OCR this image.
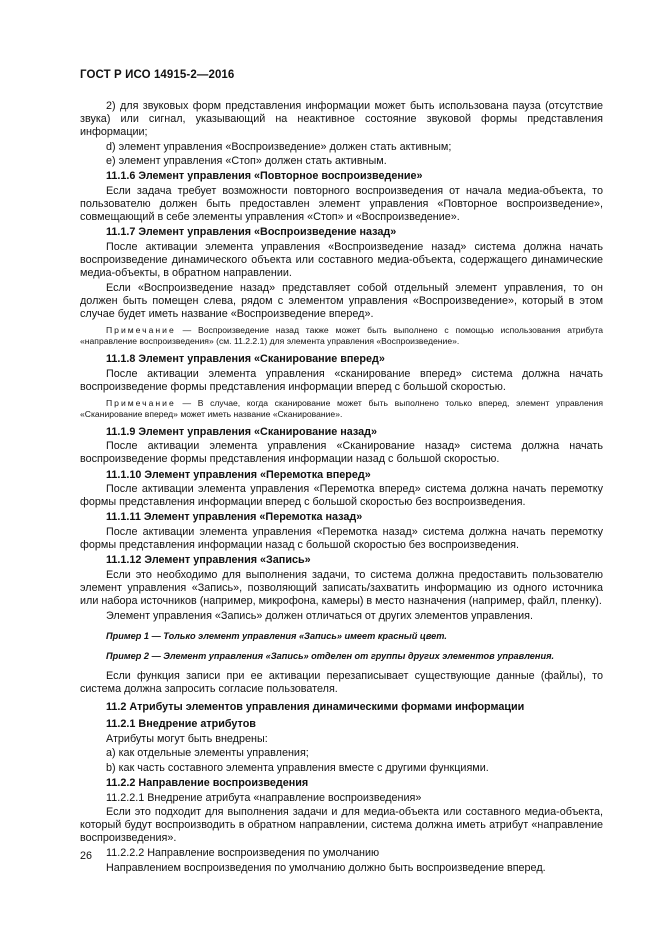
ГОСТ Р ИСО 14915-2—2016
2) для звуковых форм представления информации может быть использована пауза (отсутствие звука) или сигнал, указывающий на неактивное состояние звуковой формы представления информации;
d) элемент управления «Воспроизведение» должен стать активным;
e) элемент управления «Стоп» должен стать активным.
11.1.6 Элемент управления «Повторное воспроизведение»
Если задача требует возможности повторного воспроизведения от начала медиа-объекта, то пользователю должен быть предоставлен элемент управления «Повторное воспроизведение», совмещающий в себе элементы управления «Стоп» и «Воспроизведение».
11.1.7 Элемент управления «Воспроизведение назад»
После активации элемента управления «Воспроизведение назад» система должна начать воспроизведение динамического объекта или составного медиа-объекта, содержащего динамические медиа-объекты, в обратном направлении.
Если «Воспроизведение назад» представляет собой отдельный элемент управления, то он должен быть помещен слева, рядом с элементом управления «Воспроизведение», который в этом случае будет иметь название «Воспроизведение вперед».
Примечание — Воспроизведение назад также может быть выполнено с помощью использования атрибута «направление воспроизведения» (см. 11.2.2.1) для элемента управления «Воспроизведение».
11.1.8 Элемент управления «Сканирование вперед»
После активации элемента управления «сканирование вперед» система должна начать воспроизведение формы представления информации вперед с большой скоростью.
Примечание — В случае, когда сканирование может быть выполнено только вперед, элемент управления «Сканирование вперед» может иметь название «Сканирование».
11.1.9 Элемент управления «Сканирование назад»
После активации элемента управления «Сканирование назад» система должна начать воспроизведение формы представления информации назад с большой скоростью.
11.1.10 Элемент управления «Перемотка вперед»
После активации элемента управления «Перемотка вперед» система должна начать перемотку формы представления информации вперед с большой скоростью без воспроизведения.
11.1.11 Элемент управления «Перемотка назад»
После активации элемента управления «Перемотка назад» система должна начать перемотку формы представления информации назад с большой скоростью без воспроизведения.
11.1.12 Элемент управления «Запись»
Если это необходимо для выполнения задачи, то система должна предоставить пользователю элемент управления «Запись», позволяющий записать/захватить информацию из одного источника или набора источников (например, микрофона, камеры) в место назначения (например, файл, пленку).
Элемент управления «Запись» должен отличаться от других элементов управления.
Пример 1 — Только элемент управления «Запись» имеет красный цвет.
Пример 2 — Элемент управления «Запись» отделен от группы других элементов управления.
Если функция записи при ее активации перезаписывает существующие данные (файлы), то система должна запросить согласие пользователя.
11.2 Атрибуты элементов управления динамическими формами информации
11.2.1 Внедрение атрибутов
Атрибуты могут быть внедрены:
a) как отдельные элементы управления;
b) как часть составного элемента управления вместе с другими функциями.
11.2.2 Направление воспроизведения
11.2.2.1 Внедрение атрибута «направление воспроизведения»
Если это подходит для выполнения задачи и для медиа-объекта или составного медиа-объекта, который будут воспроизводить в обратном направлении, система должна иметь атрибут «направление воспроизведения».
11.2.2.2 Направление воспроизведения по умолчанию
Направлением воспроизведения по умолчанию должно быть воспроизведение вперед.
26
